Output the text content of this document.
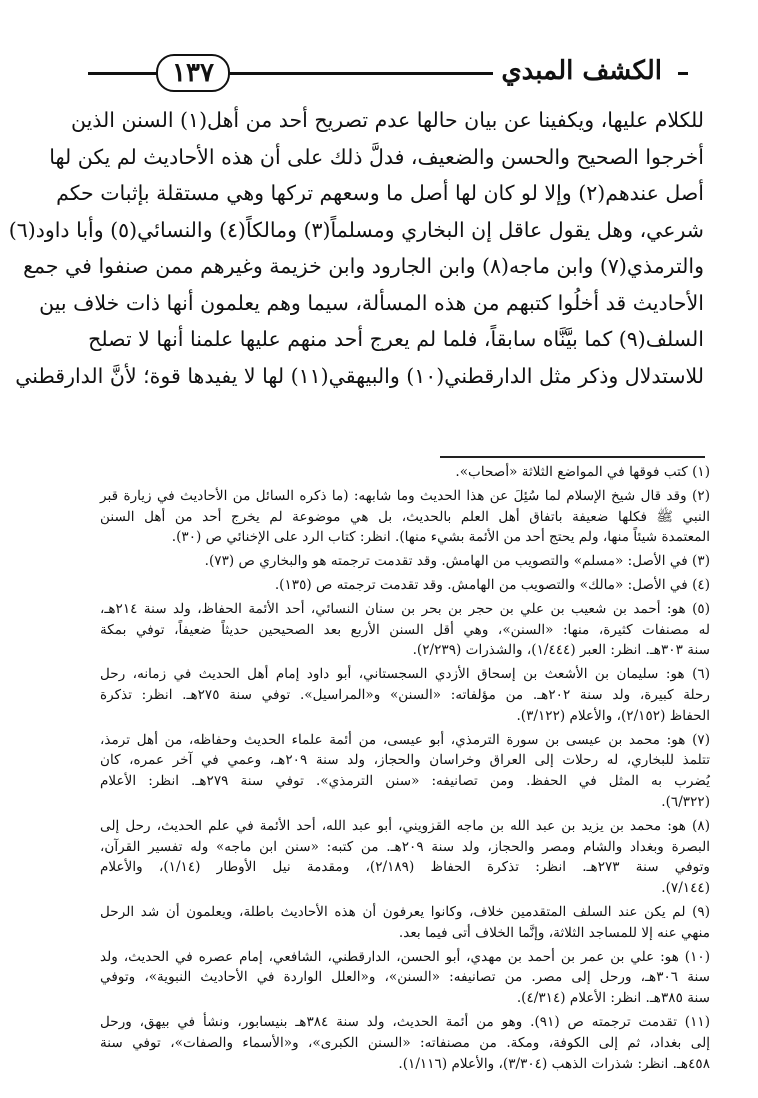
الكشف المبدي
١٣٧
للكلام عليها، ويكفينا عن بيان حالها عدم تصريح أحد من أهل(١) السنن الذين
أخرجوا الصحيح والحسن والضعيف، فدلَّ ذلك على أن هذه الأحاديث لم يكن لها
أصل عندهم(٢) وإلا لو كان لها أصل ما وسعهم تركها وهي مستقلة بإثبات حكم
شرعي، وهل يقول عاقل إن البخاري ومسلماً(٣) ومالكاً(٤) والنسائي(٥) وأبا داود(٦)
والترمذي(٧) وابن ماجه(٨) وابن الجارود وابن خزيمة وغيرهم ممن صنفوا في جمع
الأحاديث قد أخلُوا كتبهم من هذه المسألة، سيما وهم يعلمون أنها ذات خلاف بين
السلف(٩) كما بيَّنَّاه سابقاً، فلما لم يعرج أحد منهم عليها علمنا أنها لا تصلح
للاستدلال وذكر مثل الدارقطني(١٠) والبيهقي(١١) لها لا يفيدها قوة؛ لأنَّ الدارقطني
(١) كتب فوقها في المواضع الثلاثة «أصحاب».
(٢) وقد قال شيخ الإسلام لما سُئِلَ عن هذا الحديث وما شابهه: (ما ذكره السائل من الأحاديث في زيارة قبر
النبي ﷺ فكلها ضعيفة باتفاق أهل العلم بالحديث، بل هي موضوعة لم يخرج أحد من أهل السنن
المعتمدة شيئاً منها، ولم يحتج أحد من الأئمة بشيء منها). انظر: كتاب الرد على الإخنائي ص (٣٠).
(٣) في الأصل: «مسلم» والتصويب من الهامش. وقد تقدمت ترجمته هو والبخاري ص (٧٣).
(٤) في الأصل: «مالك» والتصويب من الهامش. وقد تقدمت ترجمته ص (١٣٥).
(٥) هو: أحمد بن شعيب بن علي بن حجر بن بحر بن سنان النسائي، أحد الأئمة الحفاظ، ولد سنة ٢١٤هـ،
له مصنفات كثيرة، منها: «السنن»، وهي أقل السنن الأربع بعد الصحيحين حديثاً ضعيفاً، توفي بمكة
سنة ٣٠٣هـ. انظر: العبر (١/٤٤٤)، والشذرات (٢/٢٣٩).
(٦) هو: سليمان بن الأشعث بن إسحاق الأزدي السجستاني، أبو داود إمام أهل الحديث في زمانه، رحل
رحلة كبيرة، ولد سنة ٢٠٢هـ. من مؤلفاته: «السنن» و«المراسيل». توفي سنة ٢٧٥هـ. انظر: تذكرة
الحفاظ (٢/١٥٢)، والأعلام (٣/١٢٢).
(٧) هو: محمد بن عيسى بن سورة الترمذي، أبو عيسى، من أئمة علماء الحديث وحفاظه، من أهل ترمذ،
تتلمذ للبخاري، له رحلات إلى العراق وخراسان والحجاز، ولد سنة ٢٠٩هـ، وعمي في آخر عمره، كان
يُضرب به المثل في الحفظ. ومن تصانيفه: «سنن الترمذي». توفي سنة ٢٧٩هـ. انظر: الأعلام
(٦/٣٢٢).
(٨) هو: محمد بن يزيد بن عبد الله بن ماجه القزويني، أبو عبد الله، أحد الأئمة في علم الحديث، رحل إلى
البصرة وبغداد والشام ومصر والحجاز، ولد سنة ٢٠٩هـ. من كتبه: «سنن ابن ماجه» وله تفسير القرآن،
وتوفي سنة ٢٧٣هـ. انظر: تذكرة الحفاظ (٢/١٨٩)، ومقدمة نيل الأوطار (١/١٤)، والأعلام
(٧/١٤٤).
(٩) لم يكن عند السلف المتقدمين خلاف، وكانوا يعرفون أن هذه الأحاديث باطلة، ويعلمون أن شد الرحل
منهي عنه إلا للمساجد الثلاثة، وإنَّما الخلاف أتى فيما بعد.
(١٠) هو: علي بن عمر بن أحمد بن مهدي، أبو الحسن، الدارقطني، الشافعي، إمام عصره في الحديث، ولد
سنة ٣٠٦هـ، ورحل إلى مصر. من تصانيفه: «السنن»، و«العلل الواردة في الأحاديث النبوية»، وتوفي
سنة ٣٨٥هـ. انظر: الأعلام (٤/٣١٤).
(١١) تقدمت ترجمته ص (٩١). وهو من أئمة الحديث، ولد سنة ٣٨٤هـ بنيسابور، ونشأ في بيهق، ورحل
إلى بغداد، ثم إلى الكوفة، ومكة. من مصنفاته: «السنن الكبرى»، و«الأسماء والصفات»، توفي سنة
٤٥٨هـ. انظر: شذرات الذهب (٣/٣٠٤)، والأعلام (١/١١٦).
